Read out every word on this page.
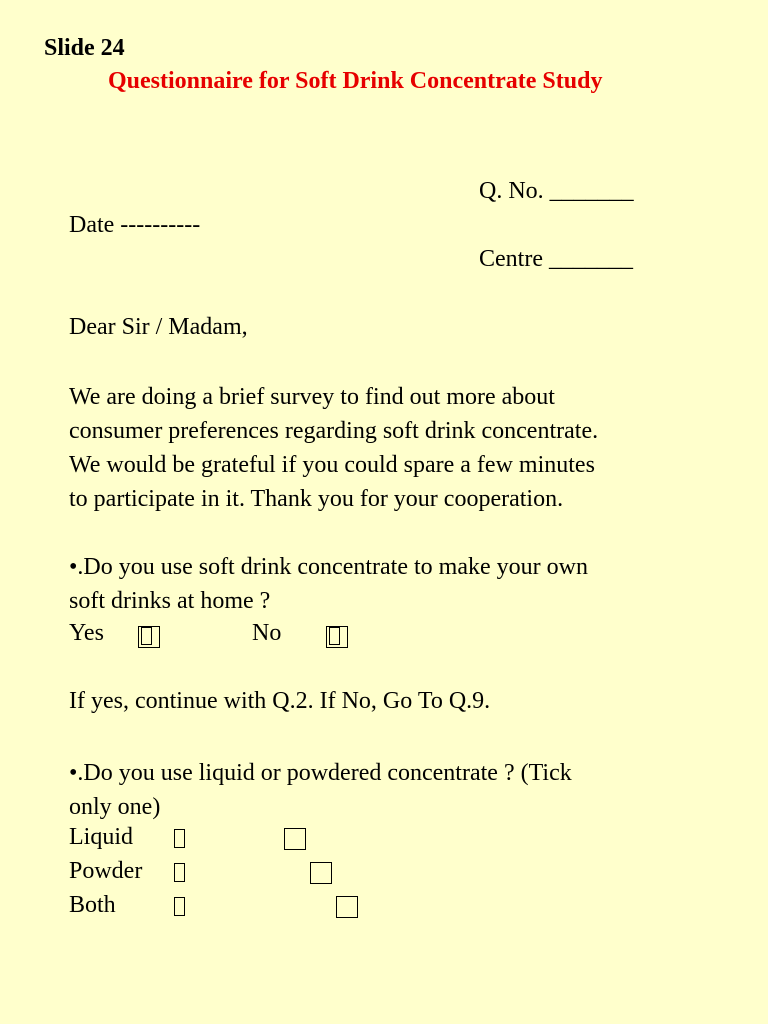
Slide 24
Questionnaire for Soft Drink Concentrate Study
Q. No. _______
Date ----------
Centre _______
Dear Sir / Madam,
We are doing a brief survey to find out more about
consumer preferences regarding soft drink concentrate.
We would be grateful if you could spare a few minutes
to participate in it. Thank you for your cooperation.
•.Do you use soft drink concentrate to make your own
soft drinks at home ?
Yes
	No

If yes, continue with Q.2. If No, Go To Q.9.
•.Do you use liquid or powdered concentrate ? (Tick
only one)
Liquid

Powder

Both
